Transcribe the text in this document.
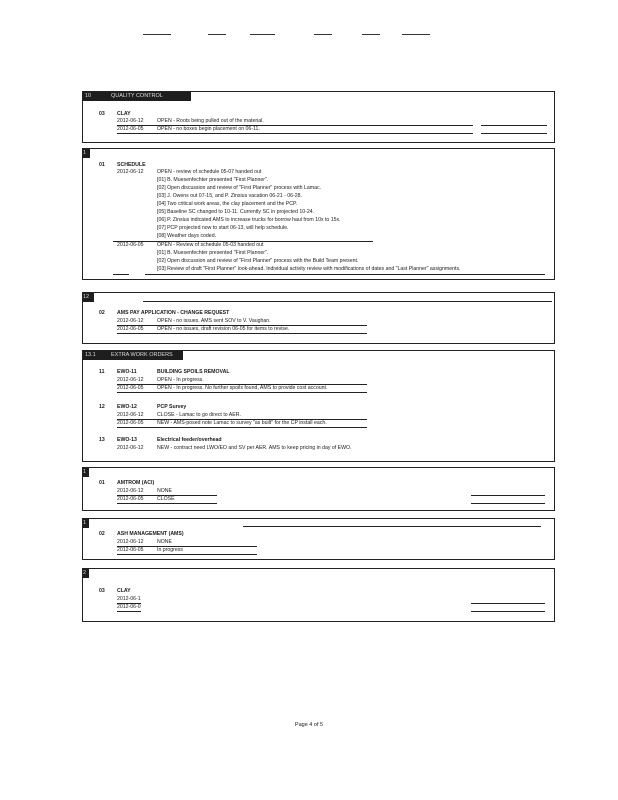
10	QUALITY CONTROL
03 CLAY
2012-06-12	OPEN - Roots being pulled out of the material.
2012-06-05	OPEN - no boxes begin placement on 06-11.
1
01 SCHEDULE
2012-06-12	OPEN - review of schedule 05-07 handed out
[01] B. Muesenfechter presented "First Planner".
[02] Open discussion and review of "First Planner" process with Lamac.
[03] J. Owens out 07-15, and P. Zinsius vacation 06-21 - 06-28.
[04] Two critical work areas, the clay placement and the PCP.
[05] Baseline SC changed to 10-11. Currently SC in projected 10-24.
[06] P. Zinsius indicated AMS to increase trucks for borrow haul from 10x to 15x.
[07] PCP projected now to start 06-13, will help schedule.
[08] Weather days coded.
2012-06-05	OPEN - Review of schedule 05-03 handed out
[01] B. Muesenfechter presented "First Planner".
[02] Open discussion and review of "First Planner" process with the Build Team present.
[03] Review of draft "First Planner" look-ahead. Individual activity review with modifications of dates and "Last Planner" assignments.
12
02 AMS PAY APPLICATION - CHANGE REQUEST
2012-06-12	OPEN - no issues. AMS sent SOV to V. Vaughan.
2012-06-05	OPEN - no issues, draft revision 06-05 for items to revise.
13.1	EXTRA WORK ORDERS
11 EWO-11	BUILDING SPOILS REMOVAL
2012-06-12	OPEN - In progress.
2012-06-05	OPEN - In progress. No further spoils found, AMS to provide cost account.
12 EWO-12	PCP Survey
2012-06-12	CLOSE - Lamac to go direct to AER.
2012-06-05	NEW - AMS-posed note Lamac to survey "as built" for the CP install each.
13 EWO-13	Electrical feeder/overhead
2012-06-12	NEW - contract need LWO/EO and SV per AER. AMS to keep pricing in day of EWO.
1
01 AMTROM (ACI)
2012-06-12	NONE
2012-06-05	CLOSE
1
02 ASH MANAGEMENT (AMS)
2012-06-12	NONE
2012-06-05	In progress
2
03 CLAY
2012-06-1
2012-06-0
Page 4 of 5
